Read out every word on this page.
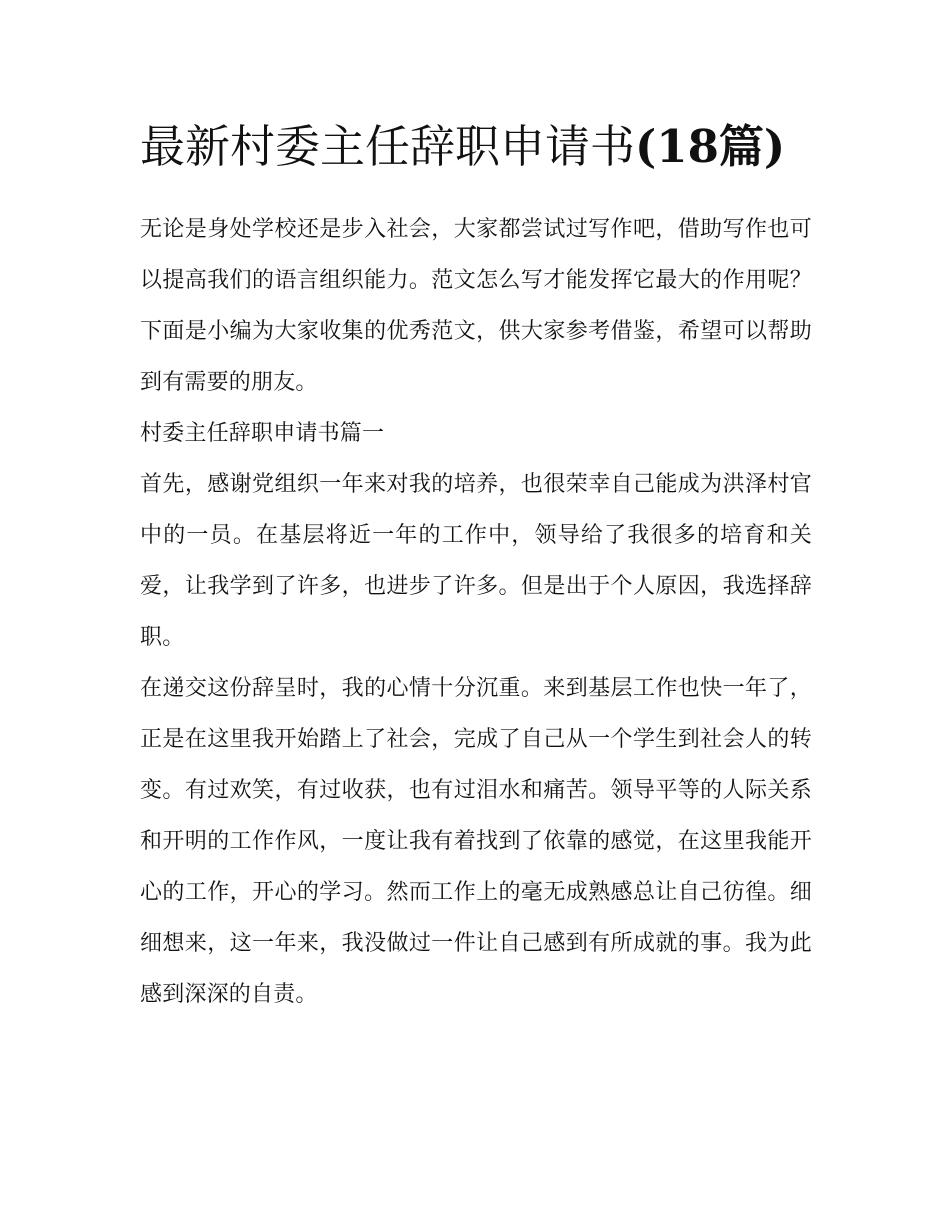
最新村委主任辞职申请书(18篇)

无论是身处学校还是步入社会，大家都尝试过写作吧，借助写作也可以提高我们的语言组织能力。范文怎么写才能发挥它最大的作用呢？下面是小编为大家收集的优秀范文，供大家参考借鉴，希望可以帮助到有需要的朋友。

村委主任辞职申请书篇一

首先，感谢党组织一年来对我的培养，也很荣幸自己能成为洪泽村官中的一员。在基层将近一年的工作中，领导给了我很多的培育和关爱，让我学到了许多，也进步了许多。但是出于个人原因，我选择辞职。

在递交这份辞呈时，我的心情十分沉重。来到基层工作也快一年了，正是在这里我开始踏上了社会，完成了自己从一个学生到社会人的转变。有过欢笑，有过收获，也有过泪水和痛苦。领导平等的人际关系和开明的工作作风，一度让我有着找到了依靠的感觉，在这里我能开心的工作，开心的学习。然而工作上的毫无成熟感总让自己彷徨。细细想来，这一年来，我没做过一件让自己感到有所成就的事。我为此感到深深的自责。
